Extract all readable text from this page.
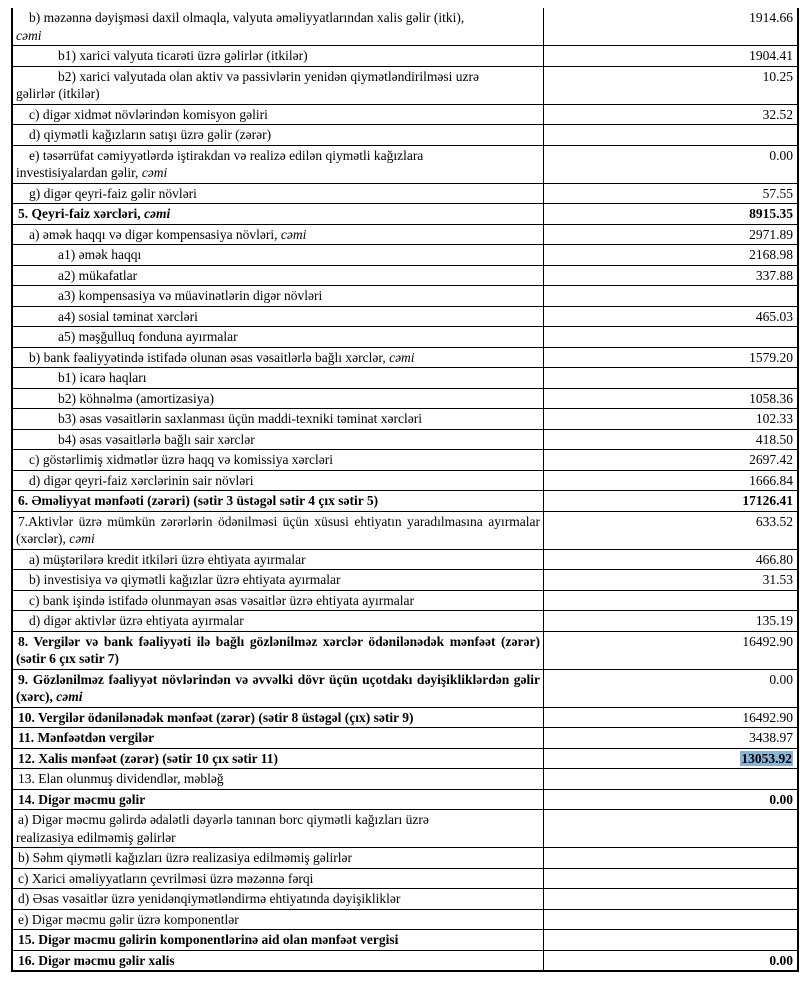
b) məzənnə dəyişməsi daxil olmaqla, valyuta əməliyyatlarından xalis gəlir (itki),
cəmi	1914.66
b1) xarici valyuta ticarəti üzrə gəlirlər (itkilər)	1904.41
b2) xarici valyutada olan aktiv və passivlərin yenidən qiymətləndirilməsi uzrə
gəlirlər (itkilər)	10.25
c) digər xidmət növlərindən komisyon gəliri	32.52
d) qiymətli kağızların satışı üzrə gəlir (zərər)	
e) təsərrüfat cəmiyyətlərdə iştirakdan və realizə edilən qiymətli kağızlara
investisiyalardan gəlir, cəmi	0.00
g) digər qeyri-faiz gəlir növləri	57.55
5. Qeyri-faiz xərcləri, cəmi	8915.35
a) əmək haqqı və digər kompensasiya növləri, cəmi	2971.89
a1) əmək haqqı	2168.98
a2) mükafatlar	337.88
a3) kompensasiya və müavinətlərin digər növləri	
a4) sosial təminat xərcləri	465.03
a5) məşğulluq fonduna ayırmalar	
b) bank fəaliyyətində istifadə olunan əsas vəsaitlərlə bağlı xərclər, cəmi	1579.20
b1) icarə haqları	
b2) köhnəlmə (amortizasiya)	1058.36
b3) əsas vəsaitlərin saxlanması üçün maddi-texniki təminat xərcləri	102.33
b4) əsas vəsaitlərlə bağlı sair xərclər	418.50
c) göstərlimiş xidmətlər üzrə haqq və komissiya xərcləri	2697.42
d) digər qeyri-faiz xərclərinin sair növləri	1666.84
6. Əməliyyat mənfəəti (zərəri) (sətir 3 üstəgəl sətir 4 çıx sətir 5)	17126.41
7.Aktivlər üzrə mümkün zərərlərin ödənilməsi üçün xüsusi ehtiyatın yaradılmasına ayırmalar (xərclər), cəmi	633.52
a) müştərilərə kredit itkiləri üzrə ehtiyata ayırmalar	466.80
b) investisiya və qiymətli kağızlar üzrə ehtiyata ayırmalar	31.53
c) bank işində istifadə olunmayan əsas vəsaitlər üzrə ehtiyata ayırmalar	
d) digər aktivlər üzrə ehtiyata ayırmalar	135.19
8. Vergilər və bank fəaliyyəti ilə bağlı gözlənilməz xərclər ödənilənədək mənfəət (zərər) (sətir 6 çıx sətir 7)	16492.90
9. Gözlənilməz fəaliyyət növlərindən və əvvəlki dövr üçün uçotdakı dəyişikliklərdən gəlir (xərc), cəmi	0.00
10. Vergilər ödənilənədək mənfəət (zərər) (sətir 8 üstəgəl (çıx) sətir 9)	16492.90
11. Mənfəətdən vergilər	3438.97
12. Xalis mənfəət (zərər) (sətir 10 çıx sətir 11)	13053.92
13. Elan olunmuş dividendlər, məbləğ	
14. Digər məcmu gəlir	0.00
a) Digər məcmu gəlirdə ədalətli dəyərlə tanınan borc qiymətli kağızları üzrə
realizasiya edilməmiş gəlirlər	
b) Səhm qiymətli kağızları üzrə realizasiya edilməmiş gəlirlər	
c) Xarici əməliyyatların çevrilməsi üzrə məzənnə fərqi	
d) Əsas vəsaitlər üzrə yenidənqiymətləndirmə ehtiyatında dəyişikliklər	
e) Digər məcmu gəlir üzrə komponentlər	
15. Digər məcmu gəlirin komponentlərinə aid olan mənfəət vergisi	
16. Digər məcmu gəlir xalis	0.00
